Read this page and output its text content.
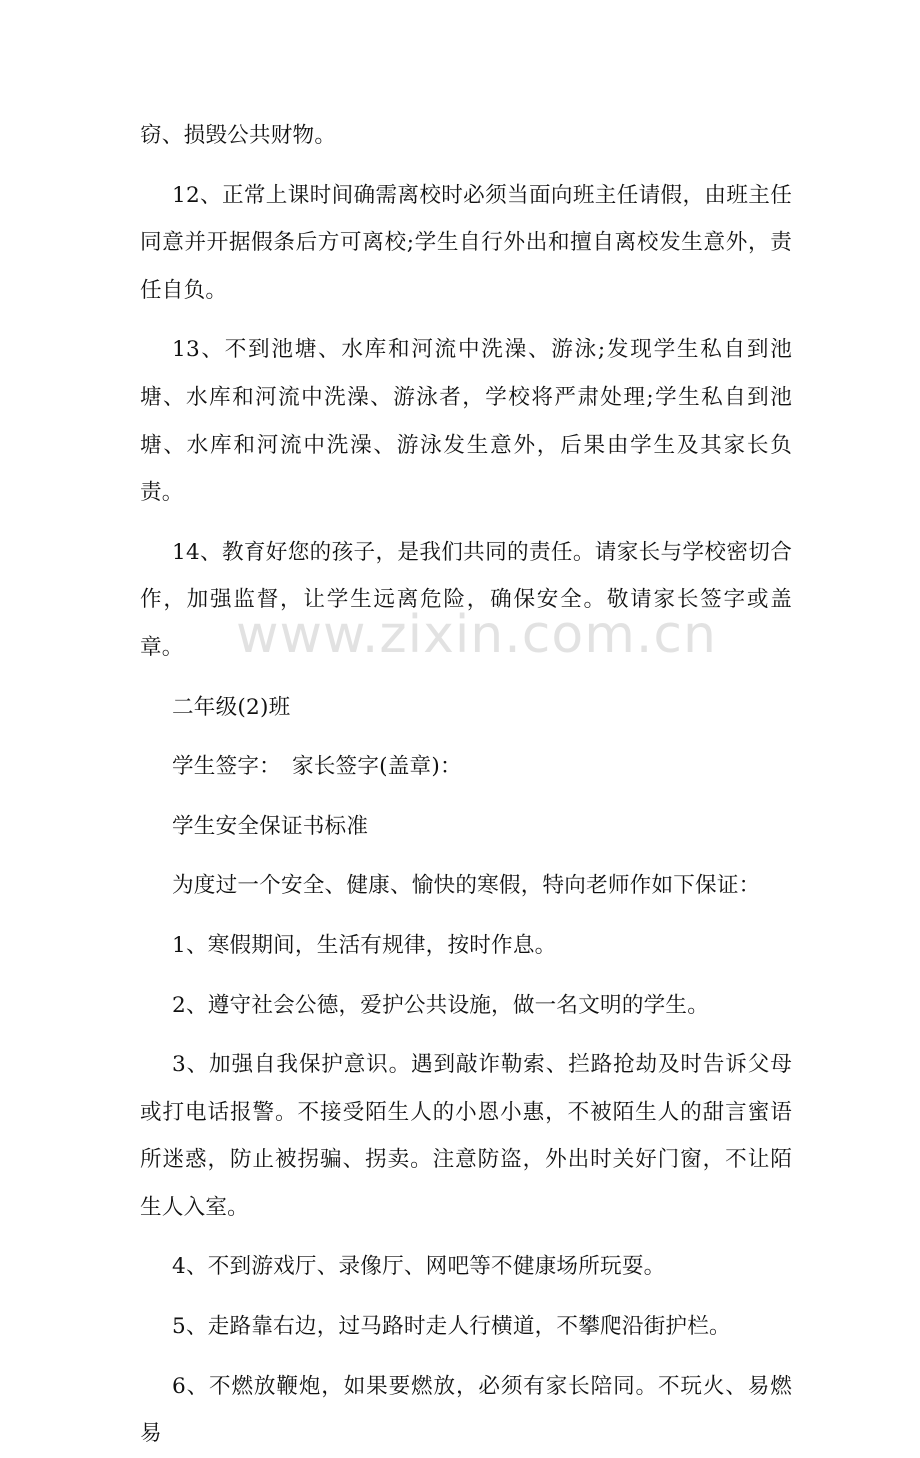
窃、损毁公共财物。

12、正常上课时间确需离校时必须当面向班主任请假，由班主任同意并开据假条后方可离校;学生自行外出和擅自离校发生意外，责任自负。

13、不到池塘、水库和河流中洗澡、游泳;发现学生私自到池塘、水库和河流中洗澡、游泳者，学校将严肃处理;学生私自到池塘、水库和河流中洗澡、游泳发生意外，后果由学生及其家长负责。

14、教育好您的孩子，是我们共同的责任。请家长与学校密切合作，加强监督，让学生远离危险，确保安全。敬请家长签字或盖章。

二年级(2)班

学生签字：　家长签字(盖章)：

学生安全保证书标准

为度过一个安全、健康、愉快的寒假，特向老师作如下保证：

1、寒假期间，生活有规律，按时作息。

2、遵守社会公德，爱护公共设施，做一名文明的学生。

3、加强自我保护意识。遇到敲诈勒索、拦路抢劫及时告诉父母或打电话报警。不接受陌生人的小恩小惠，不被陌生人的甜言蜜语所迷惑，防止被拐骗、拐卖。注意防盗，外出时关好门窗，不让陌生人入室。

4、不到游戏厅、录像厅、网吧等不健康场所玩耍。

5、走路靠右边，过马路时走人行横道，不攀爬沿街护栏。

6、不燃放鞭炮，如果要燃放，必须有家长陪同。不玩火、易燃易

www.zixin.com.cn
